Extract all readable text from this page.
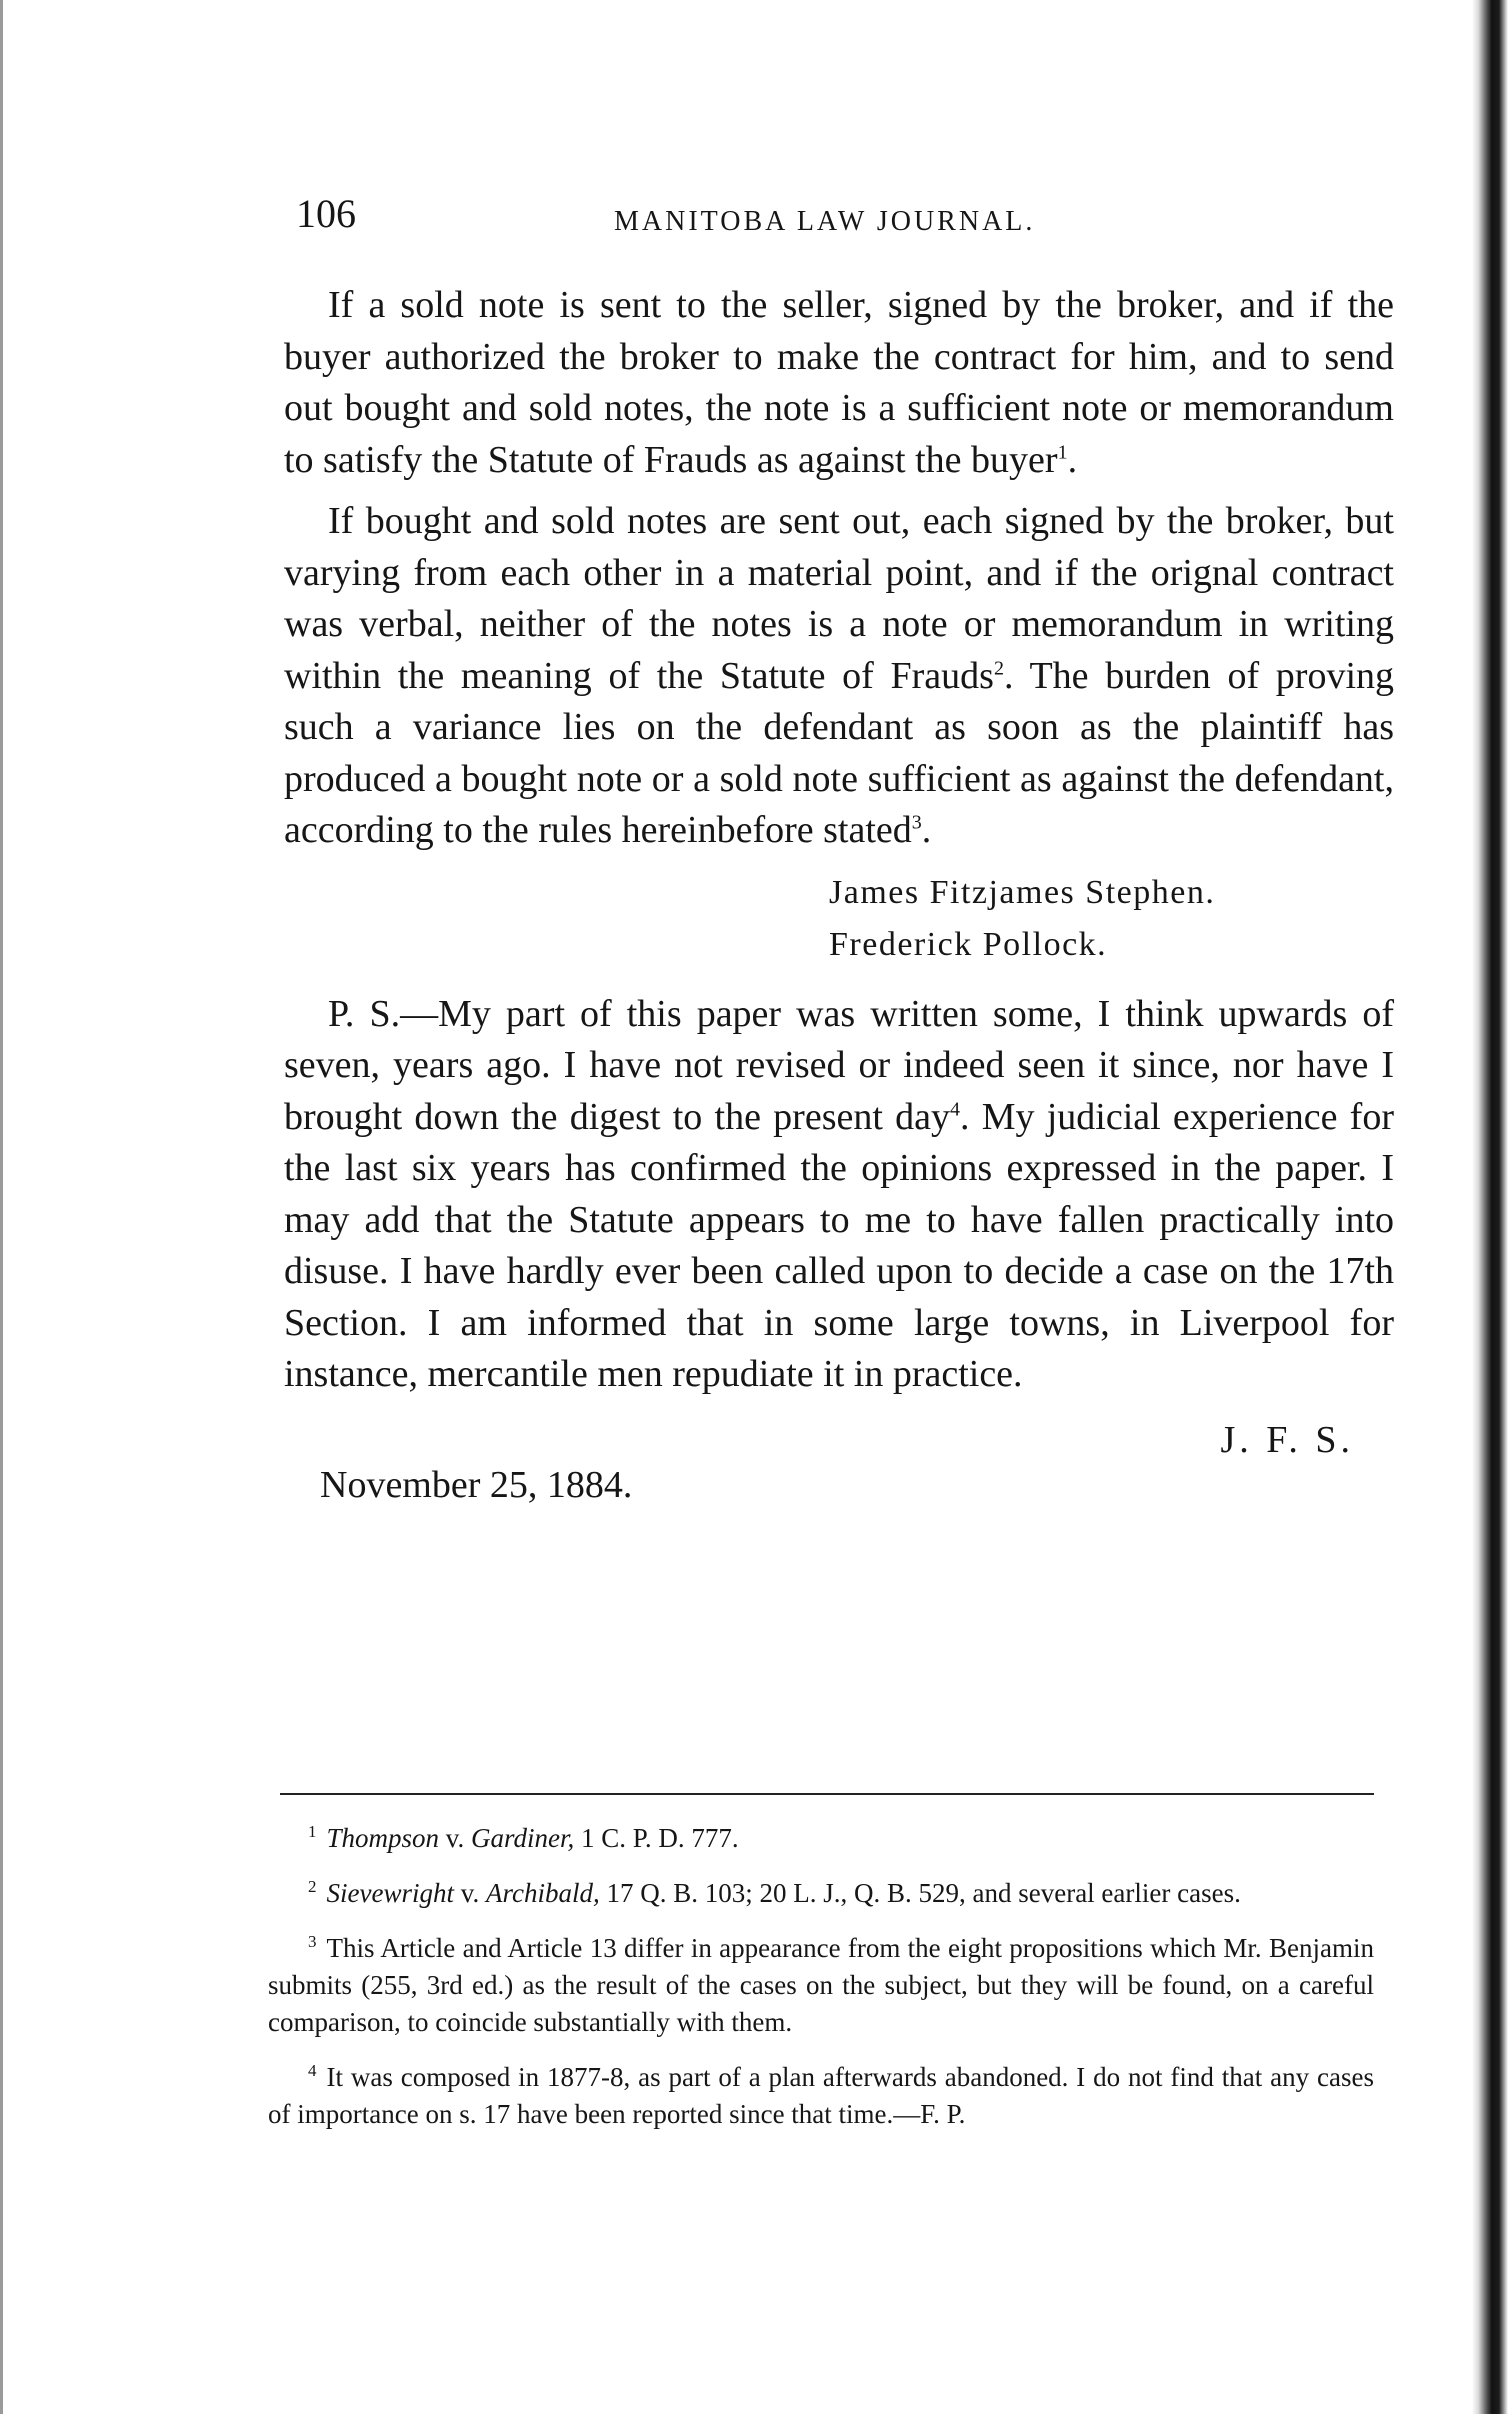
106	MANITOBA LAW JOURNAL.

If a sold note is sent to the seller, signed by the broker, and if the buyer authorized the broker to make the contract for him, and to send out bought and sold notes, the note is a sufficient note or memorandum to satisfy the Statute of Frauds as against the buyer$^1$.

If bought and sold notes are sent out, each signed by the broker, but varying from each other in a material point, and if the orignal contract was verbal, neither of the notes is a note or memorandum in writing within the meaning of the Statute of Frauds$^2$. The burden of proving such a variance lies on the defendant as soon as the plaintiff has produced a bought note or a sold note sufficient as against the defendant, according to the rules hereinbefore stated$^3$.

James Fitzjames Stephen.
Frederick Pollock.

P. S.—My part of this paper was written some, I think upwards of seven, years ago. I have not revised or indeed seen it since, nor have I brought down the digest to the present day$^4$. My judicial experience for the last six years has confirmed the opinions expressed in the paper. I may add that the Statute appears to me to have fallen practically into disuse. I have hardly ever been called upon to decide a case on the 17th Section. I am informed that in some large towns, in Liverpool for instance, mercantile men repudiate it in practice.

J. F. S.
November 25, 1884.

$^1$ Thompson v. Gardiner, 1 C. P. D. 777.

$^2$ Sievewright v. Archibald, 17 Q. B. 103; 20 L. J., Q. B. 529, and several earlier cases.

$^3$ This Article and Article 13 differ in appearance from the eight propositions which Mr. Benjamin submits (255, 3rd ed.) as the result of the cases on the subject, but they will be found, on a careful comparison, to coincide substantially with them.

$^4$ It was composed in 1877-8, as part of a plan afterwards abandoned. I do not find that any cases of importance on s. 17 have been reported since that time.—F. P.
